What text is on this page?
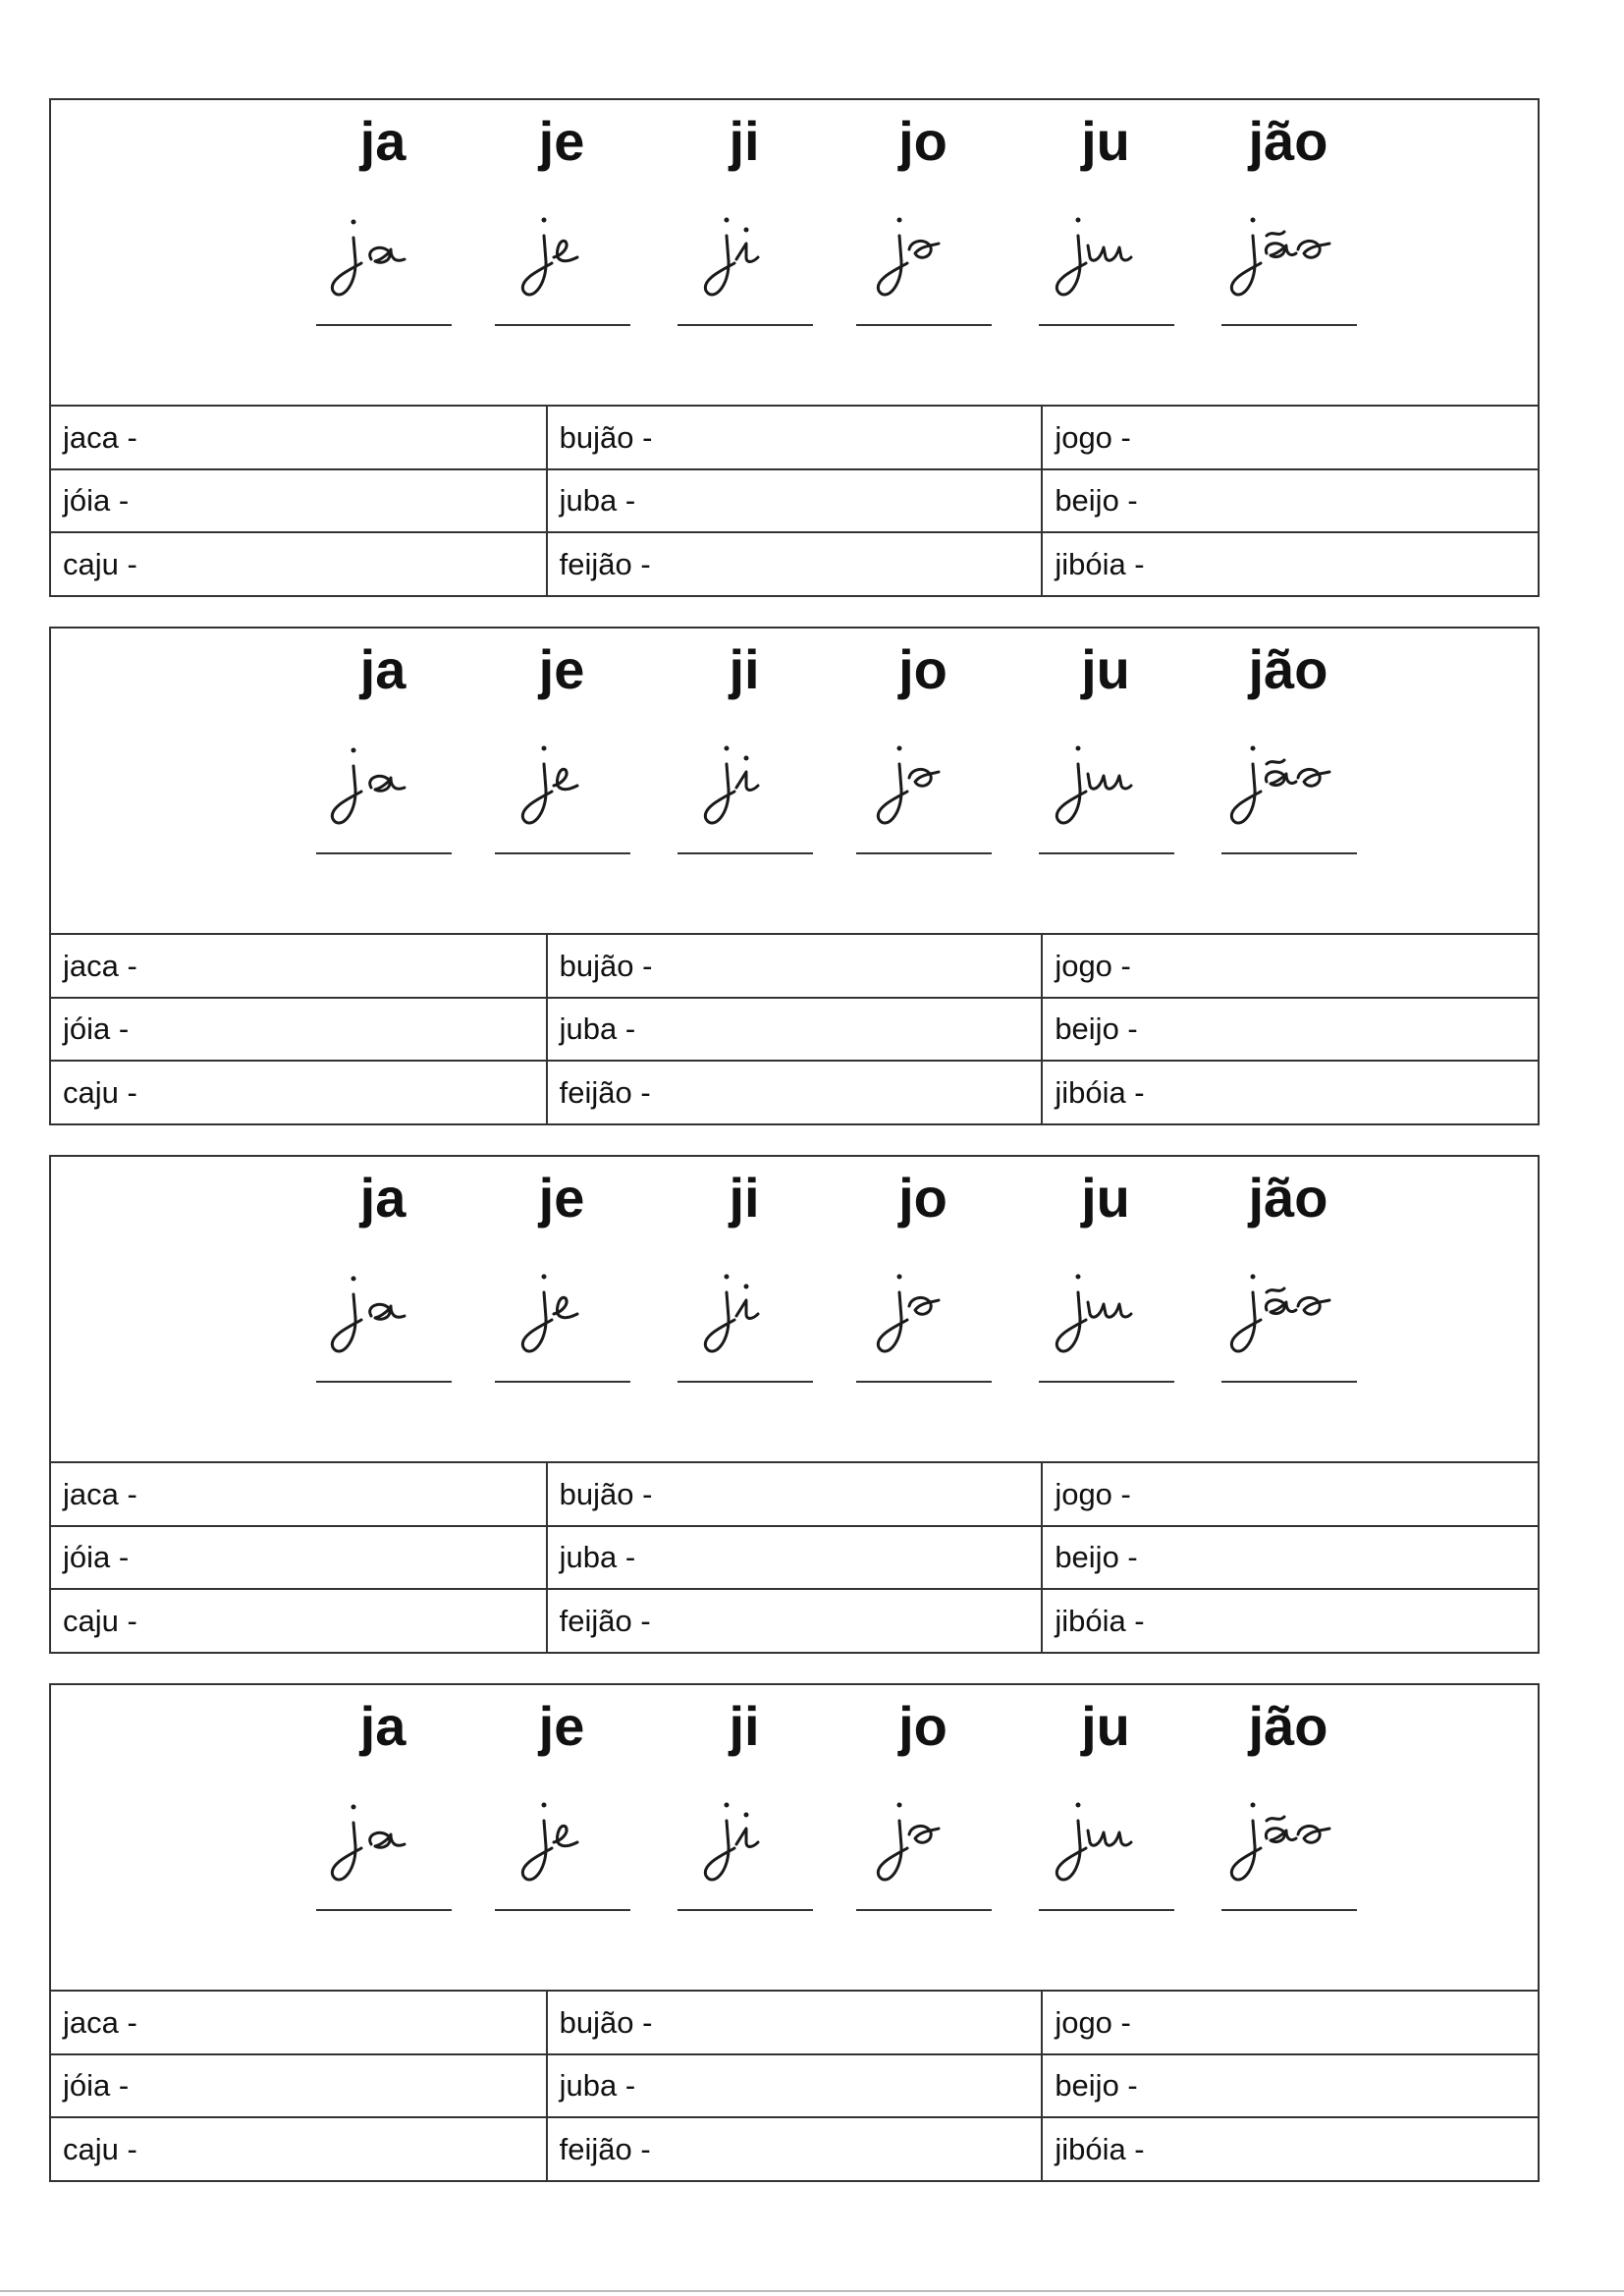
ja	je	ji	jo	ju	jão
jaca -	bujão -	jogo -
jóia -	juba -	beijo -
caju -	feijão -	jibóia -
ja	je	ji	jo	ju	jão
jaca -	bujão -	jogo -
jóia -	juba -	beijo -
caju -	feijão -	jibóia -
ja	je	ji	jo	ju	jão
jaca -	bujão -	jogo -
jóia -	juba -	beijo -
caju -	feijão -	jibóia -
ja	je	ji	jo	ju	jão
jaca -	bujão -	jogo -
jóia -	juba -	beijo -
caju -	feijão -	jibóia -
